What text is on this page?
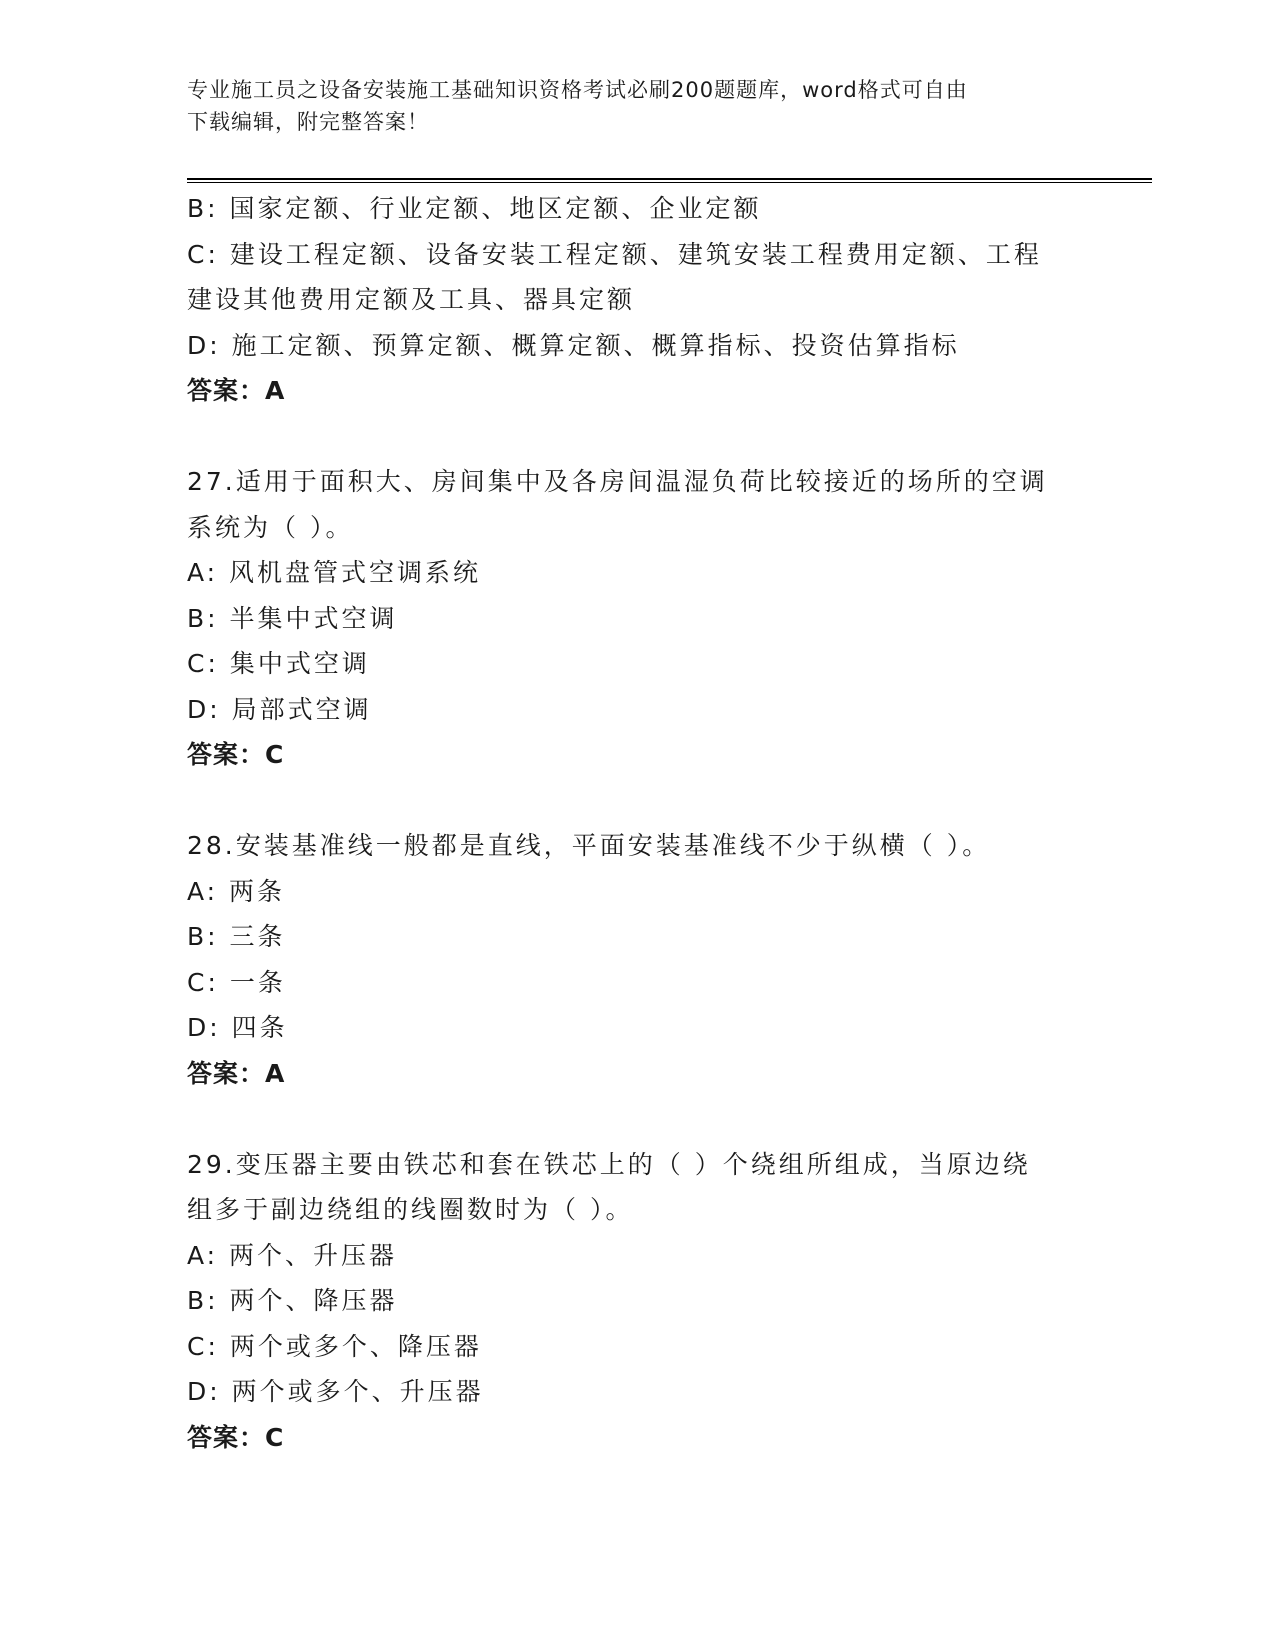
专业施工员之设备安装施工基础知识资格考试必刷200题题库，word格式可自由
下载编辑，附完整答案！
B: 国家定额、行业定额、地区定额、企业定额
C: 建设工程定额、设备安装工程定额、建筑安装工程费用定额、工程
建设其他费用定额及工具、器具定额
D: 施工定额、预算定额、概算定额、概算指标、投资估算指标
答案：A
27.适用于面积大、房间集中及各房间温湿负荷比较接近的场所的空调
系统为（ ）。
A: 风机盘管式空调系统
B: 半集中式空调
C: 集中式空调
D: 局部式空调
答案：C
28.安装基准线一般都是直线，平面安装基准线不少于纵横（ ）。
A: 两条
B: 三条
C: 一条
D: 四条
答案：A
29.变压器主要由铁芯和套在铁芯上的（ ）个绕组所组成，当原边绕
组多于副边绕组的线圈数时为（ ）。
A: 两个、升压器
B: 两个、降压器
C: 两个或多个、降压器
D: 两个或多个、升压器
答案：C
